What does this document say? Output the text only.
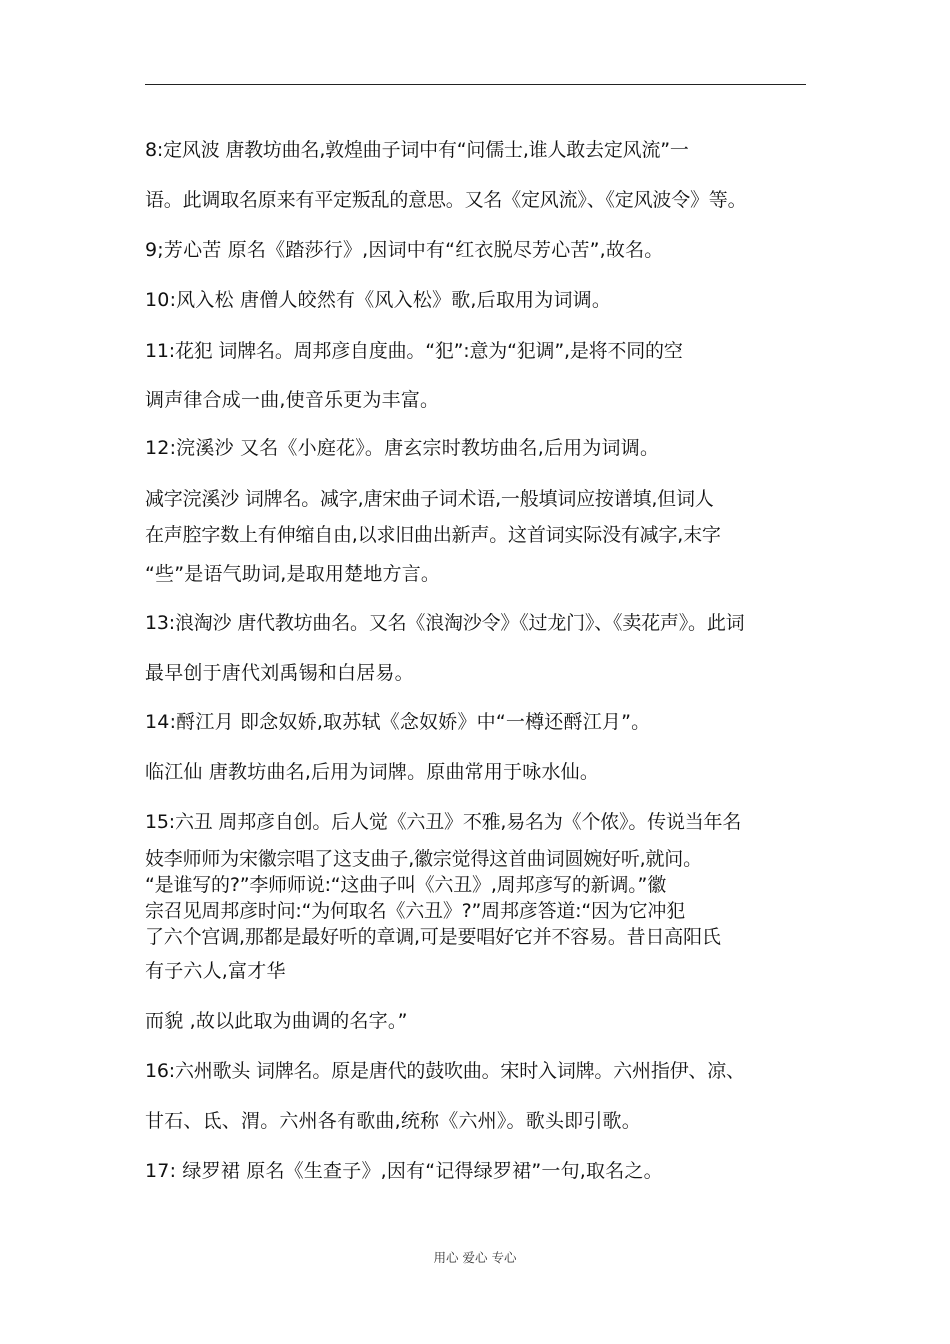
8:定风波 唐教坊曲名,敦煌曲子词中有“问儒士,谁人敢去定风流”一
语。此调取名原来有平定叛乱的意思。又名《定风流》、《定风波令》等。
9;芳心苦 原名《踏莎行》,因词中有“红衣脱尽芳心苦”,故名。
10:风入松 唐僧人皎然有《风入松》歌,后取用为词调。
11:花犯 词牌名。周邦彦自度曲。“犯”:意为“犯调”,是将不同的空
调声律合成一曲,使音乐更为丰富。
12:浣溪沙 又名《小庭花》。唐玄宗时教坊曲名,后用为词调。
减字浣溪沙 词牌名。减字,唐宋曲子词术语,一般填词应按谱填,但词人
在声腔字数上有伸缩自由,以求旧曲出新声。这首词实际没有减字,末字
“些”是语气助词,是取用楚地方言。
13:浪淘沙 唐代教坊曲名。又名《浪淘沙令》《过龙门》、《卖花声》。此词
最早创于唐代刘禹锡和白居易。
14:酹江月 即念奴娇,取苏轼《念奴娇》中“一樽还酹江月”。
临江仙 唐教坊曲名,后用为词牌。原曲常用于咏水仙。
15:六丑 周邦彦自创。后人觉《六丑》不雅,易名为《个侬》。传说当年名
妓李师师为宋徽宗唱了这支曲子,徽宗觉得这首曲词圆婉好听,就问。
“是谁写的?”李师师说:“这曲子叫《六丑》,周邦彦写的新调。”徽
宗召见周邦彦时问:“为何取名《六丑》?”周邦彦答道:“因为它冲犯
了六个宫调,那都是最好听的章调,可是要唱好它并不容易。昔日高阳氏
有子六人,富才华
而貌 ,故以此取为曲调的名字。”
16:六州歌头 词牌名。原是唐代的鼓吹曲。宋时入词牌。六州指伊、凉、
甘石、氐、渭。六州各有歌曲,统称《六州》。歌头即引歌。
17: 绿罗裙 原名《生查子》,因有“记得绿罗裙”一句,取名之。
用心 爱心 专心
